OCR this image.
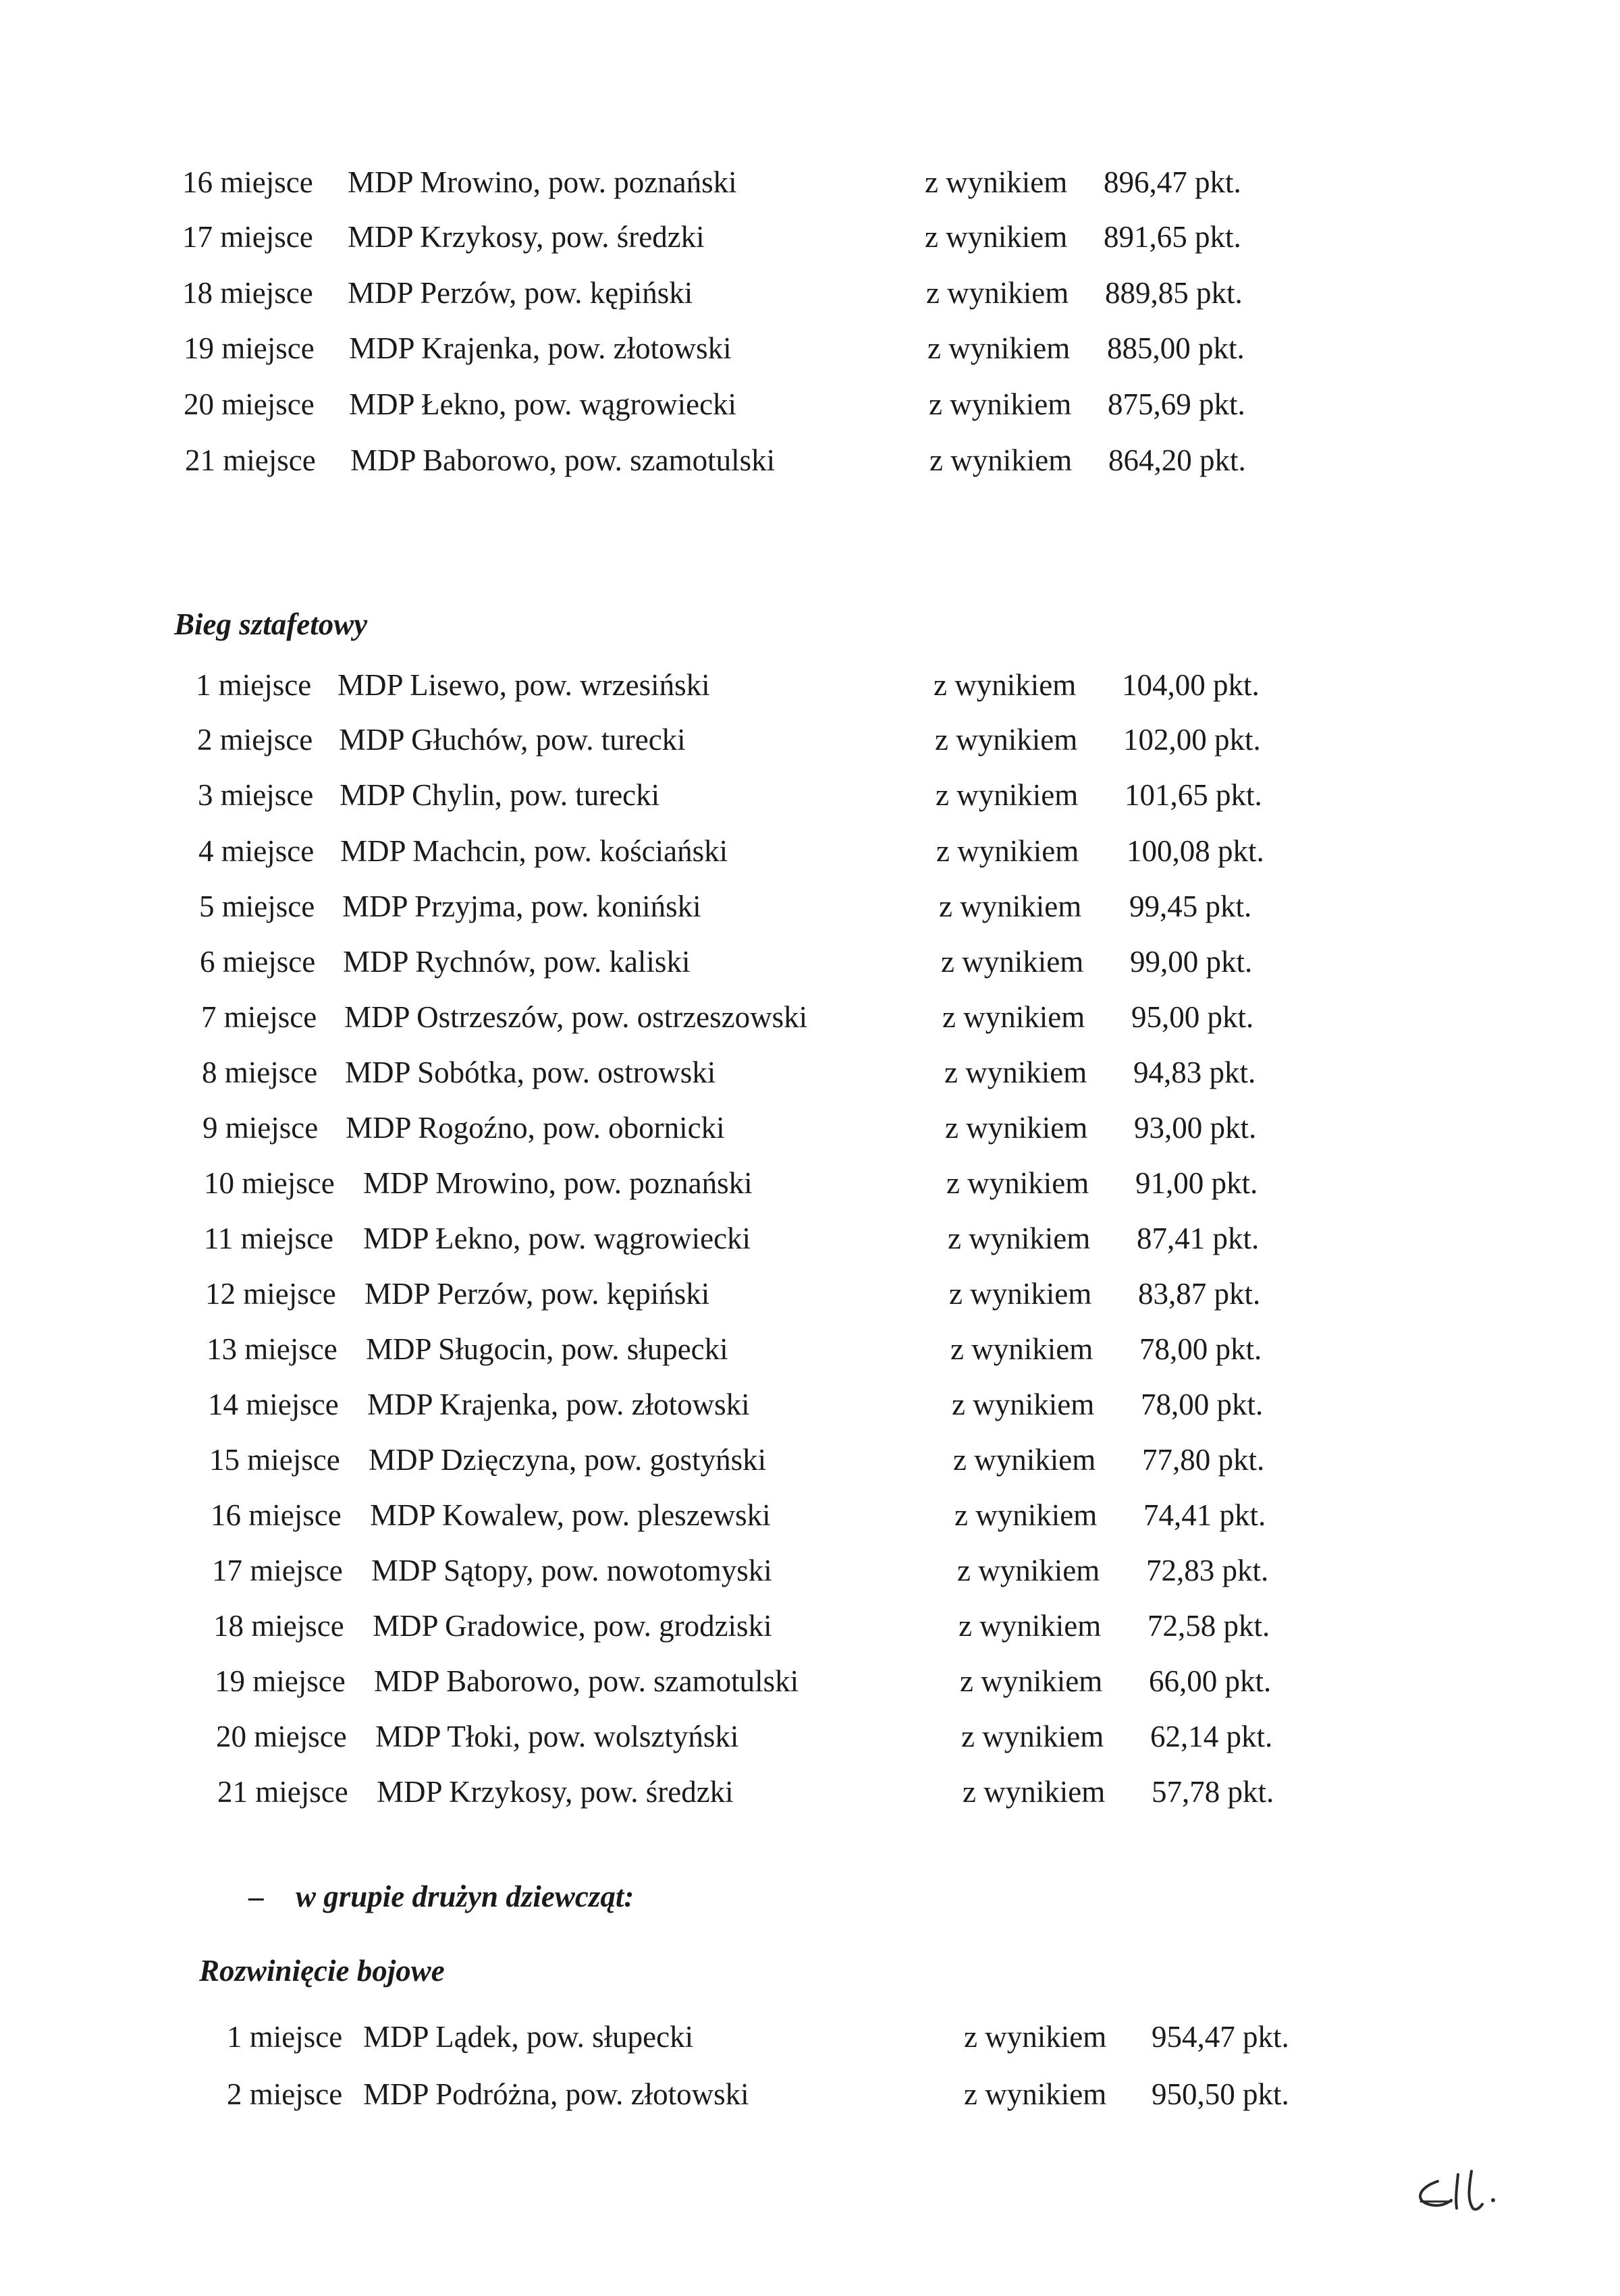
16 miejsce MDP Mrowino, pow. poznański	z wynikiem 896,47 pkt.
17 miejsce MDP Krzykosy, pow. średzki	z wynikiem 891,65 pkt.
18 miejsce MDP Perzów, pow. kępiński	z wynikiem 889,85 pkt.
19 miejsce MDP Krajenka, pow. złotowski	z wynikiem 885,00 pkt.
20 miejsce MDP Łekno, pow. wągrowiecki	z wynikiem 875,69 pkt.
21 miejsce MDP Baborowo, pow. szamotulski	z wynikiem 864,20 pkt.
Bieg sztafetowy
1 miejsce MDP Lisewo, pow. wrzesiński	z wynikiem 104,00 pkt.
2 miejsce MDP Głuchów, pow. turecki	z wynikiem 102,00 pkt.
3 miejsce MDP Chylin, pow. turecki	z wynikiem 101,65 pkt.
4 miejsce MDP Machcin, pow. kościański	z wynikiem 100,08 pkt.
5 miejsce MDP Przyjma, pow. koniński	z wynikiem 99,45 pkt.
6 miejsce MDP Rychnów, pow. kaliski	z wynikiem 99,00 pkt.
7 miejsce MDP Ostrzeszów, pow. ostrzeszowski	z wynikiem 95,00 pkt.
8 miejsce MDP Sobótka, pow. ostrowski	z wynikiem 94,83 pkt.
9 miejsce MDP Rogoźno, pow. obornicki	z wynikiem 93,00 pkt.
10 miejsce MDP Mrowino, pow. poznański	z wynikiem 91,00 pkt.
11 miejsce MDP Łekno, pow. wągrowiecki	z wynikiem 87,41 pkt.
12 miejsce MDP Perzów, pow. kępiński	z wynikiem 83,87 pkt.
13 miejsce MDP Sługocin, pow. słupecki	z wynikiem 78,00 pkt.
14 miejsce MDP Krajenka, pow. złotowski	z wynikiem 78,00 pkt.
15 miejsce MDP Dzięczyna, pow. gostyński	z wynikiem 77,80 pkt.
16 miejsce MDP Kowalew, pow. pleszewski	z wynikiem 74,41 pkt.
17 miejsce MDP Sątopy, pow. nowotomyski	z wynikiem 72,83 pkt.
18 miejsce MDP Gradowice, pow. grodziski	z wynikiem 72,58 pkt.
19 miejsce MDP Baborowo, pow. szamotulski	z wynikiem 66,00 pkt.
20 miejsce MDP Tłoki, pow. wolsztyński	z wynikiem 62,14 pkt.
21 miejsce MDP Krzykosy, pow. średzki	z wynikiem 57,78 pkt.
– w grupie drużyn dziewcząt:
Rozwinięcie bojowe
1 miejsce MDP Lądek, pow. słupecki	z wynikiem 954,47 pkt.
2 miejsce MDP Podróżna, pow. złotowski	z wynikiem 950,50 pkt.
